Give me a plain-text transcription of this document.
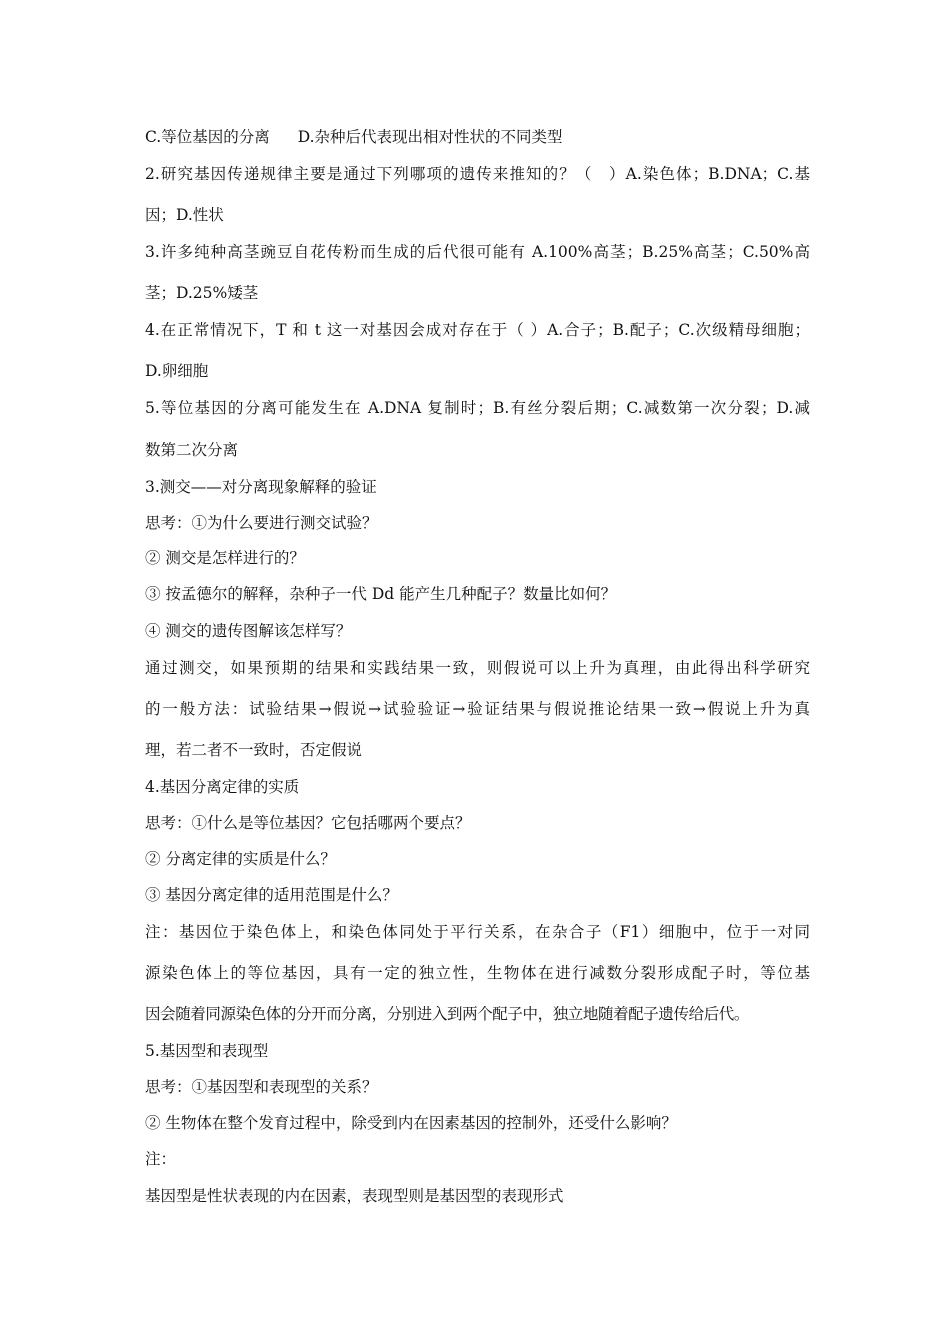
C.等位基因的分离 D.杂种后代表现出相对性状的不同类型
2.研究基因传递规律主要是通过下列哪项的遗传来推知的？（　）A.染色体；B.DNA；C.基
因；D.性状
3.许多纯种高茎豌豆自花传粉而生成的后代很可能有 A.100%高茎；B.25%高茎；C.50%高
茎；D.25%矮茎
4.在正常情况下，T 和 t 这一对基因会成对存在于（ ）A.合子；B.配子；C.次级精母细胞；
D.卵细胞
5.等位基因的分离可能发生在 A.DNA 复制时；B.有丝分裂后期；C.减数第一次分裂；D.减
数第二次分离
3.测交——对分离现象解释的验证
思考：①为什么要进行测交试验？
② 测交是怎样进行的？
③ 按孟德尔的解释，杂种子一代 Dd 能产生几种配子？数量比如何？
④ 测交的遗传图解该怎样写？
通过测交，如果预期的结果和实践结果一致，则假说可以上升为真理，由此得出科学研究
的一般方法：试验结果→假说→试验验证→验证结果与假说推论结果一致→假说上升为真
理，若二者不一致时，否定假说
4.基因分离定律的实质
思考：①什么是等位基因？它包括哪两个要点？
② 分离定律的实质是什么？
③ 基因分离定律的适用范围是什么？
注：基因位于染色体上，和染色体同处于平行关系，在杂合子（F1）细胞中，位于一对同
源染色体上的等位基因，具有一定的独立性，生物体在进行减数分裂形成配子时，等位基
因会随着同源染色体的分开而分离，分别进入到两个配子中，独立地随着配子遗传给后代。
5.基因型和表现型
思考：①基因型和表现型的关系？
② 生物体在整个发育过程中，除受到内在因素基因的控制外，还受什么影响？
注：
基因型是性状表现的内在因素，表现型则是基因型的表现形式
